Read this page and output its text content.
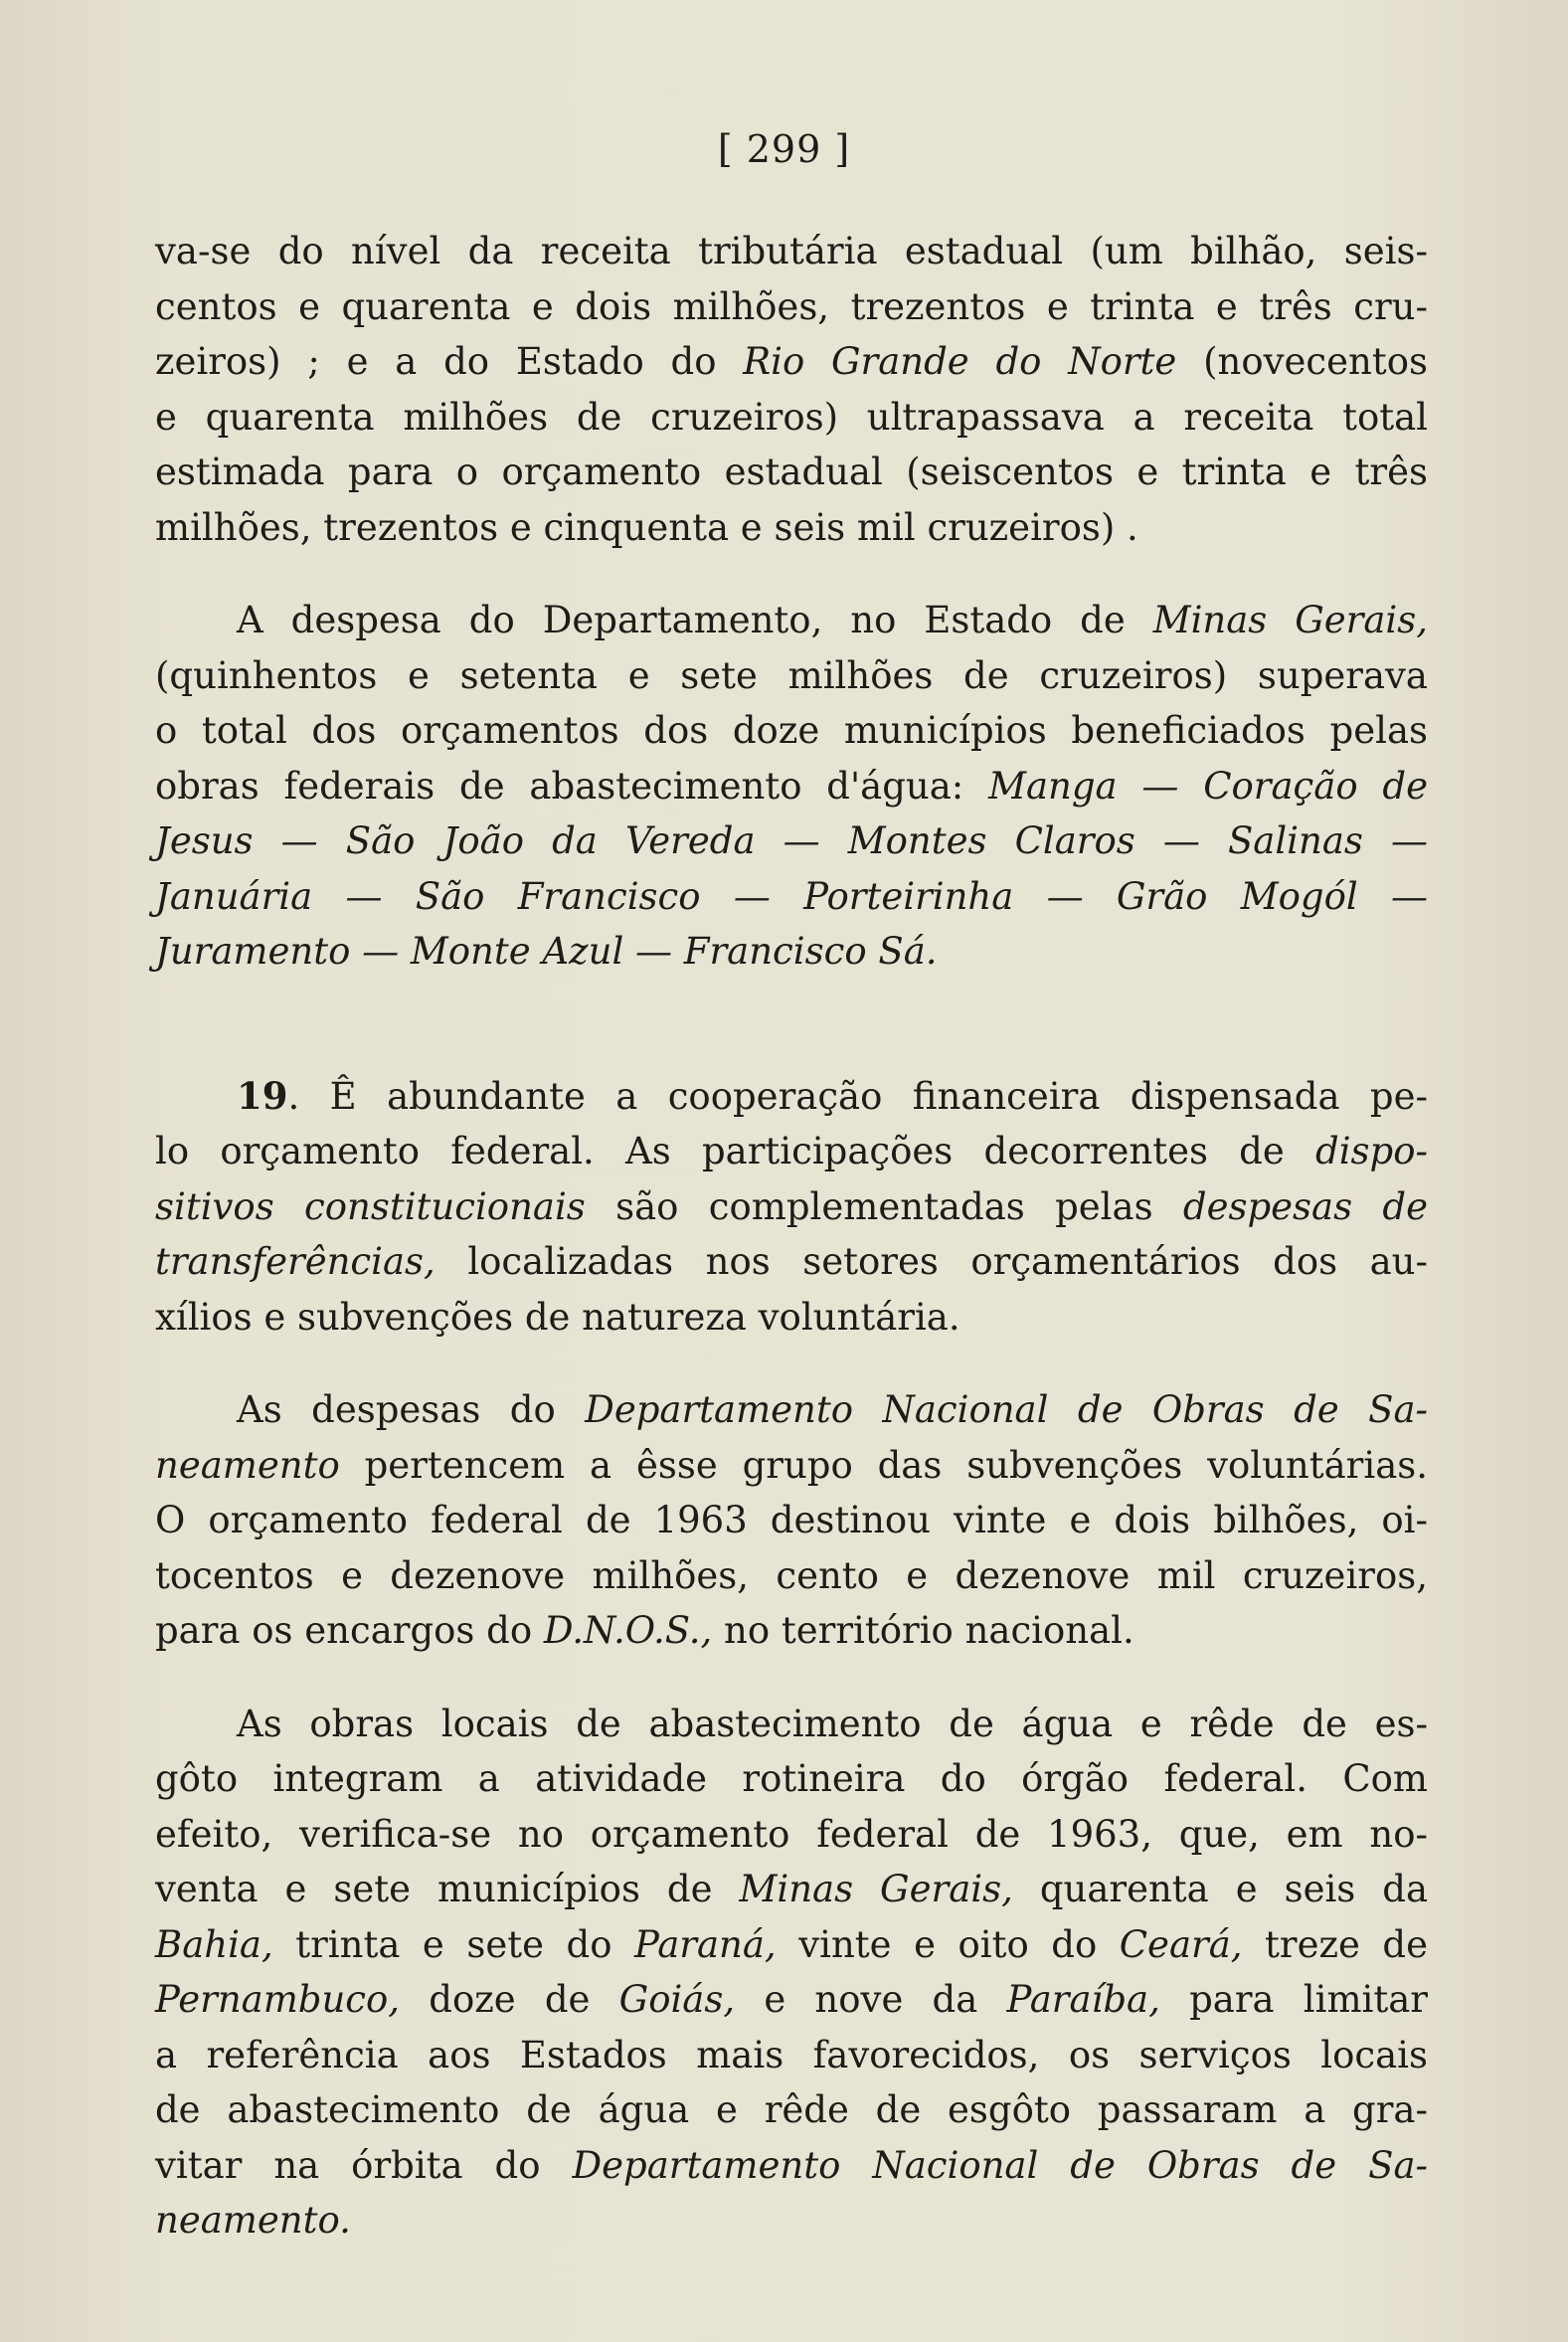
[ 299 ]
va-se do nível da receita tributária estadual (um bilhão, seis-
centos e quarenta e dois milhões, trezentos e trinta e três cru-
zeiros) ; e a do Estado do Rio Grande do Norte (novecentos
e quarenta milhões de cruzeiros) ultrapassava a receita total
estimada para o orçamento estadual (seiscentos e trinta e três
milhões, trezentos e cinquenta e seis mil cruzeiros) .
A despesa do Departamento, no Estado de Minas Gerais,
(quinhentos e setenta e sete milhões de cruzeiros) superava
o total dos orçamentos dos doze municípios beneficiados pelas
obras federais de abastecimento d'água: Manga — Coração de
Jesus — São João da Vereda — Montes Claros — Salinas —
Januária — São Francisco — Porteirinha — Grão Mogól —
Juramento — Monte Azul — Francisco Sá.
19. Ê abundante a cooperação financeira dispensada pe-
lo orçamento federal. As participações decorrentes de dispo-
sitivos constitucionais são complementadas pelas despesas de
transferências, localizadas nos setores orçamentários dos au-
xílios e subvenções de natureza voluntária.
As despesas do Departamento Nacional de Obras de Sa-
neamento pertencem a êsse grupo das subvenções voluntárias.
O orçamento federal de 1963 destinou vinte e dois bilhões, oi-
tocentos e dezenove milhões, cento e dezenove mil cruzeiros,
para os encargos do D.N.O.S., no território nacional.
As obras locais de abastecimento de água e rêde de es-
gôto integram a atividade rotineira do órgão federal. Com
efeito, verifica-se no orçamento federal de 1963, que, em no-
venta e sete municípios de Minas Gerais, quarenta e seis da
Bahia, trinta e sete do Paraná, vinte e oito do Ceará, treze de
Pernambuco, doze de Goiás, e nove da Paraíba, para limitar
a referência aos Estados mais favorecidos, os serviços locais
de abastecimento de água e rêde de esgôto passaram a gra-
vitar na órbita do Departamento Nacional de Obras de Sa-
neamento.
